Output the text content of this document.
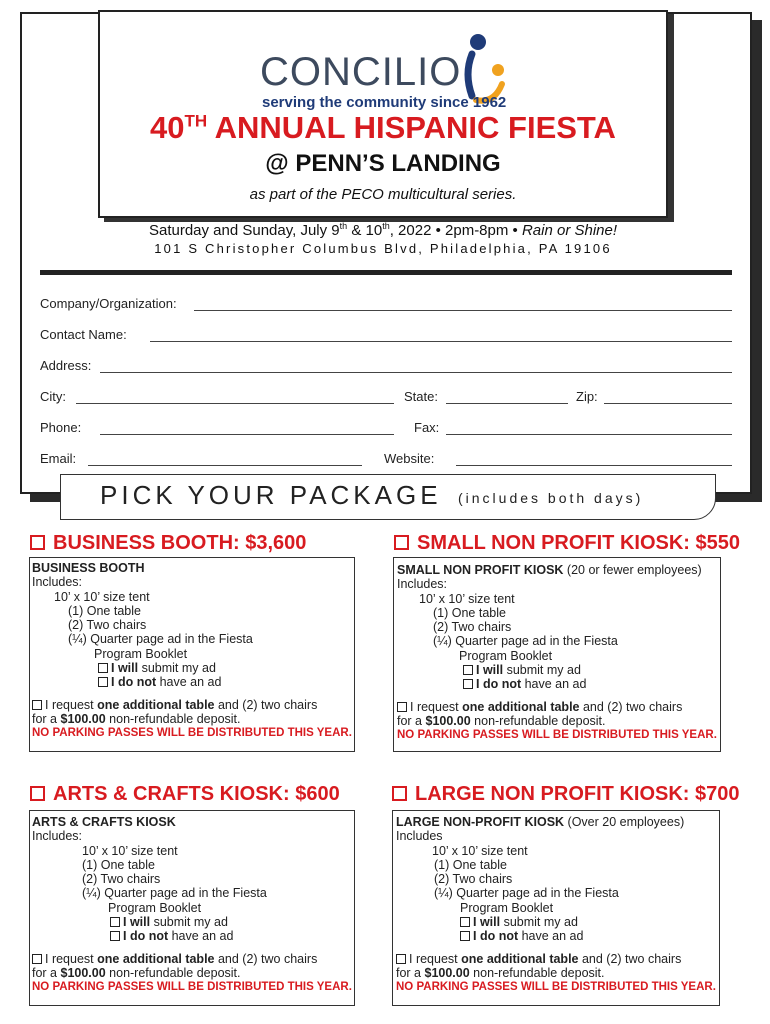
CONCILIO
serving the community since 1962
40TH ANNUAL HISPANIC FIESTA
@ PENN’S LANDING
as part of the PECO multicultural series.
Saturday and Sunday, July 9th & 10th, 2022 • 2pm-8pm • Rain or Shine!
101 S Christopher Columbus Blvd, Philadelphia, PA 19106
Company/Organization:
Contact Name:
Address:
City:	State:	Zip:
Phone:	Fax:
Email:	Website:
PICK YOUR PACKAGE (includes both days)
BUSINESS BOOTH: $3,600
BUSINESS BOOTH
Includes:
10’ x 10’ size tent
(1) One table
(2) Two chairs
(¼) Quarter page ad in the Fiesta
Program Booklet
I will submit my ad
I do not have an ad
I request one additional table and (2) two chairs
for a $100.00 non-refundable deposit.
NO PARKING PASSES WILL BE DISTRIBUTED THIS YEAR.
SMALL NON PROFIT KIOSK: $550
SMALL NON PROFIT KIOSK (20 or fewer employees)
Includes:
10’ x 10’ size tent
(1) One table
(2) Two chairs
(¼) Quarter page ad in the Fiesta
Program Booklet
I will submit my ad
I do not have an ad
I request one additional table and (2) two chairs
for a $100.00 non-refundable deposit.
NO PARKING PASSES WILL BE DISTRIBUTED THIS YEAR.
ARTS & CRAFTS KIOSK: $600
ARTS & CRAFTS KIOSK
Includes:
10’ x 10’ size tent
(1) One table
(2) Two chairs
(¼) Quarter page ad in the Fiesta
Program Booklet
I will submit my ad
I do not have an ad
I request one additional table and (2) two chairs
for a $100.00 non-refundable deposit.
NO PARKING PASSES WILL BE DISTRIBUTED THIS YEAR.
LARGE NON PROFIT KIOSK: $700
LARGE NON-PROFIT KIOSK (Over 20 employees)
Includes
10’ x 10’ size tent
(1) One table
(2) Two chairs
(¼) Quarter page ad in the Fiesta
Program Booklet
I will submit my ad
I do not have an ad
I request one additional table and (2) two chairs
for a $100.00 non-refundable deposit.
NO PARKING PASSES WILL BE DISTRIBUTED THIS YEAR.
